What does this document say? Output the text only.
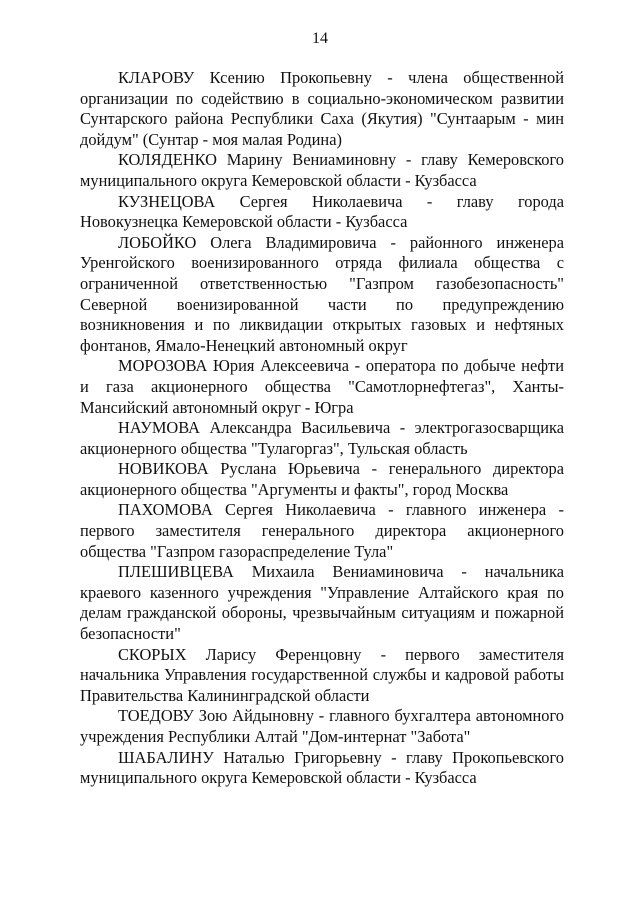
14

КЛАРОВУ Ксению Прокопьевну - члена общественной организации по содействию в социально-экономическом развитии Сунтарского района Республики Саха (Якутия) "Сунтаарым - мин дойдум" (Сунтар - моя малая Родина)

КОЛЯДЕНКО Марину Вениаминовну - главу Кемеровского муниципального округа Кемеровской области - Кузбасса

КУЗНЕЦОВА Сергея Николаевича - главу города Новокузнецка Кемеровской области - Кузбасса

ЛОБОЙКО Олега Владимировича - районного инженера Уренгойского военизированного отряда филиала общества с ограниченной ответственностью "Газпром газобезопасность" Северной военизированной части по предупреждению возникновения и по ликвидации открытых газовых и нефтяных фонтанов, Ямало-Ненецкий автономный округ

МОРОЗОВА Юрия Алексеевича - оператора по добыче нефти и газа акционерного общества "Самотлорнефтегаз", Ханты-Мансийский автономный округ - Югра

НАУМОВА Александра Васильевича - электрогазосварщика акционерного общества "Тулагоргаз", Тульская область

НОВИКОВА Руслана Юрьевича - генерального директора акционерного общества "Аргументы и факты", город Москва

ПАХОМОВА Сергея Николаевича - главного инженера - первого заместителя генерального директора акционерного общества "Газпром газораспределение Тула"

ПЛЕШИВЦЕВА Михаила Вениаминовича - начальника краевого казенного учреждения "Управление Алтайского края по делам гражданской обороны, чрезвычайным ситуациям и пожарной безопасности"

СКОРЫХ Ларису Ференцовну - первого заместителя начальника Управления государственной службы и кадровой работы Правительства Калининградской области

ТОЕДОВУ Зою Айдыновну - главного бухгалтера автономного учреждения Республики Алтай "Дом-интернат "Забота"

ШАБАЛИНУ Наталью Григорьевну - главу Прокопьевского муниципального округа Кемеровской области - Кузбасса
